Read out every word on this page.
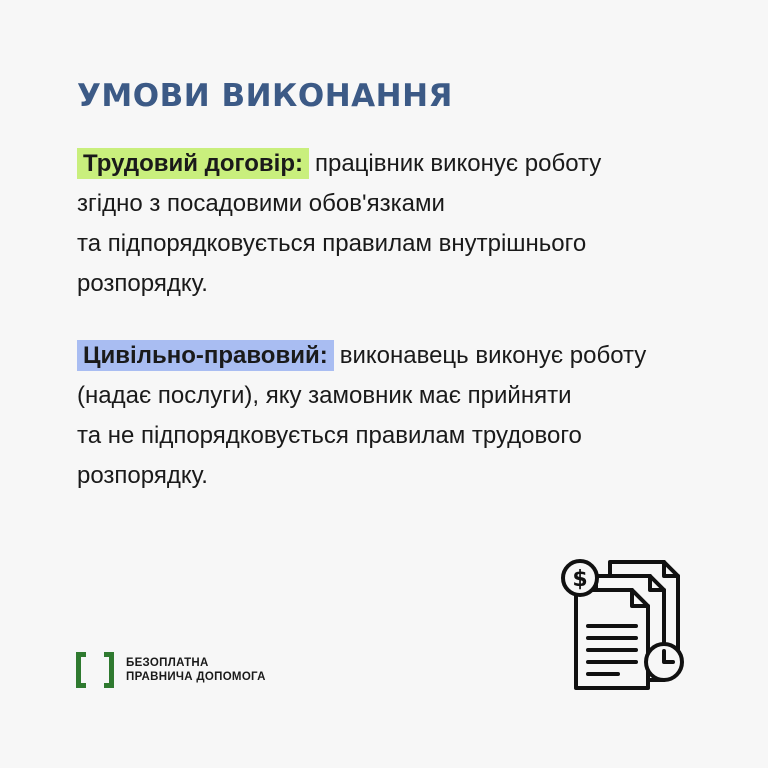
УМОВИ ВИКОНАННЯ

Трудовий договір: працівник виконує роботу

згідно з посадовими обов'язками

та підпорядковується правилам внутрішнього

розпорядку.

Цивільно-правовий: виконавець виконує роботу

(надає послуги), яку замовник має прийняти

та не підпорядковується правилам трудового

розпорядку.

БЕЗОПЛАТНА
ПРАВНИЧА ДОПОМОГА
$
